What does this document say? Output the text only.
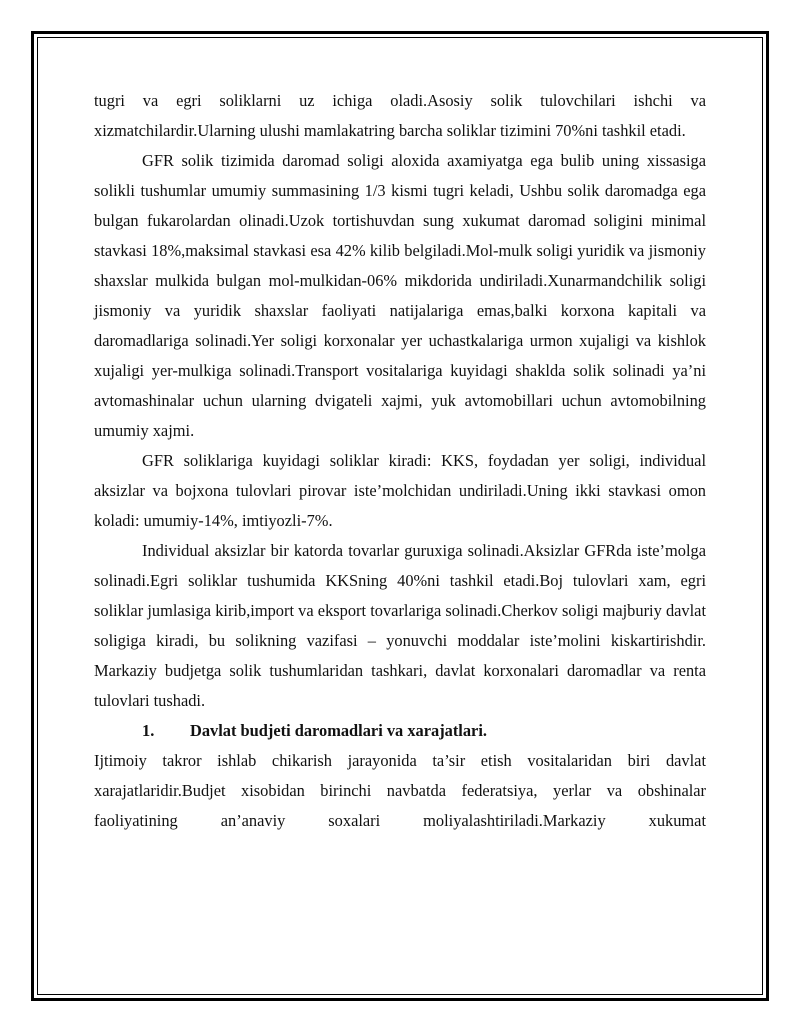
tugri va egri soliklarni uz ichiga oladi.Asosiy solik tulovchilari ishchi va xizmatchilardir.Ularning ulushi mamlakatring barcha soliklar tizimini 70%ni tashkil etadi.

GFR solik tizimida daromad soligi aloxida axamiyatga ega bulib uning xissasiga solikli tushumlar umumiy summasining 1/3 kismi tugri keladi, Ushbu solik daromadga ega bulgan fukarolardan olinadi.Uzok tortishuvdan sung xukumat daromad soligini minimal stavkasi 18%,maksimal stavkasi esa 42% kilib belgiladi.Mol-mulk soligi yuridik va jismoniy shaxslar mulkida bulgan mol-mulkidan-06% mikdorida undiriladi.Xunarmandchilik soligi jismoniy va yuridik shaxslar faoliyati natijalariga emas,balki korxona kapitali va daromadlariga solinadi.Yer soligi korxonalar yer uchastkalariga urmon xujaligi va kishlok xujaligi yer-mulkiga solinadi.Transport vositalariga kuyidagi shaklda solik solinadi ya’ni avtomashinalar uchun ularning dvigateli xajmi, yuk avtomobillari uchun avtomobilning umumiy xajmi.

GFR soliklariga kuyidagi soliklar kiradi: KKS, foydadan yer soligi, individual aksizlar va bojxona tulovlari pirovar iste’molchidan undiriladi.Uning ikki stavkasi omon koladi: umumiy-14%, imtiyozli-7%.

Individual aksizlar bir katorda tovarlar guruxiga solinadi.Aksizlar GFRda iste’molga solinadi.Egri soliklar tushumida KKSning 40%ni tashkil etadi.Boj tulovlari xam, egri soliklar jumlasiga kirib,import va eksport tovarlariga solinadi.Cherkov soligi majburiy davlat soligiga kiradi, bu solikning vazifasi – yonuvchi moddalar iste’molini kiskartirishdir. Markaziy budjetga solik tushumlaridan tashkari, davlat korxonalari daromadlar va renta tulovlari tushadi.

1.	Davlat budjeti daromadlari va xarajatlari.

Ijtimoiy takror ishlab chikarish jarayonida ta’sir etish vositalaridan biri davlat xarajatlaridir.Budjet xisobidan birinchi navbatda federatsiya, yerlar va obshinalar faoliyatining an’anaviy soxalari moliyalashtiriladi.Markaziy xukumat
